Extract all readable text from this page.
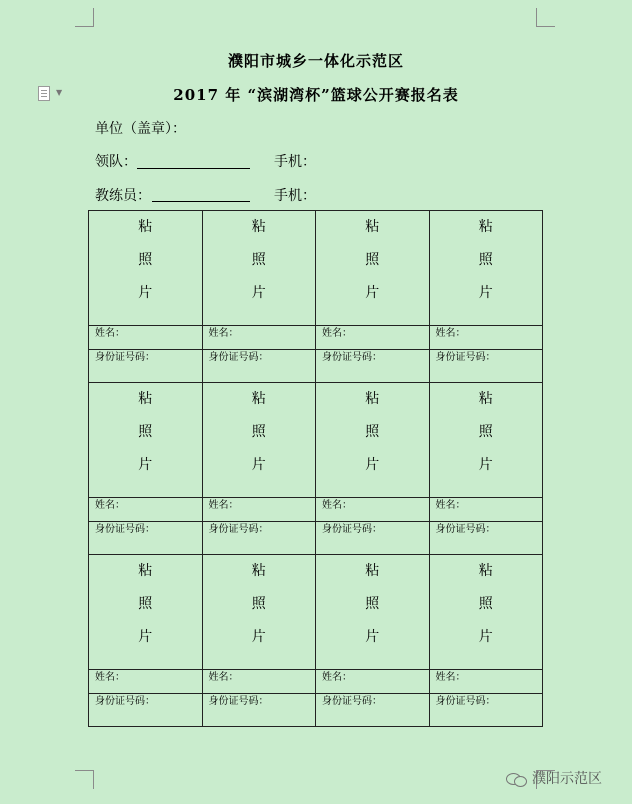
▼
濮阳市城乡一体化示范区
2017 年 “滨湖湾杯”篮球公开赛报名表
单位（盖章）：
领队：	手机：
教练员：	手机：
粘
照
片	粘
照
片	粘
照
片	粘
照
片

姓名：	姓名：	姓名：	姓名：
身份证号码：	身份证号码：	身份证号码：	身份证号码：

粘
照
片	粘
照
片	粘
照
片	粘
照
片

姓名：	姓名：	姓名：	姓名：
身份证号码：	身份证号码：	身份证号码：	身份证号码：

粘
照
片	粘
照
片	粘
照
片	粘
照
片

姓名：	姓名：	姓名：	姓名：
身份证号码：	身份证号码：	身份证号码：	身份证号码：
濮阳示范区
